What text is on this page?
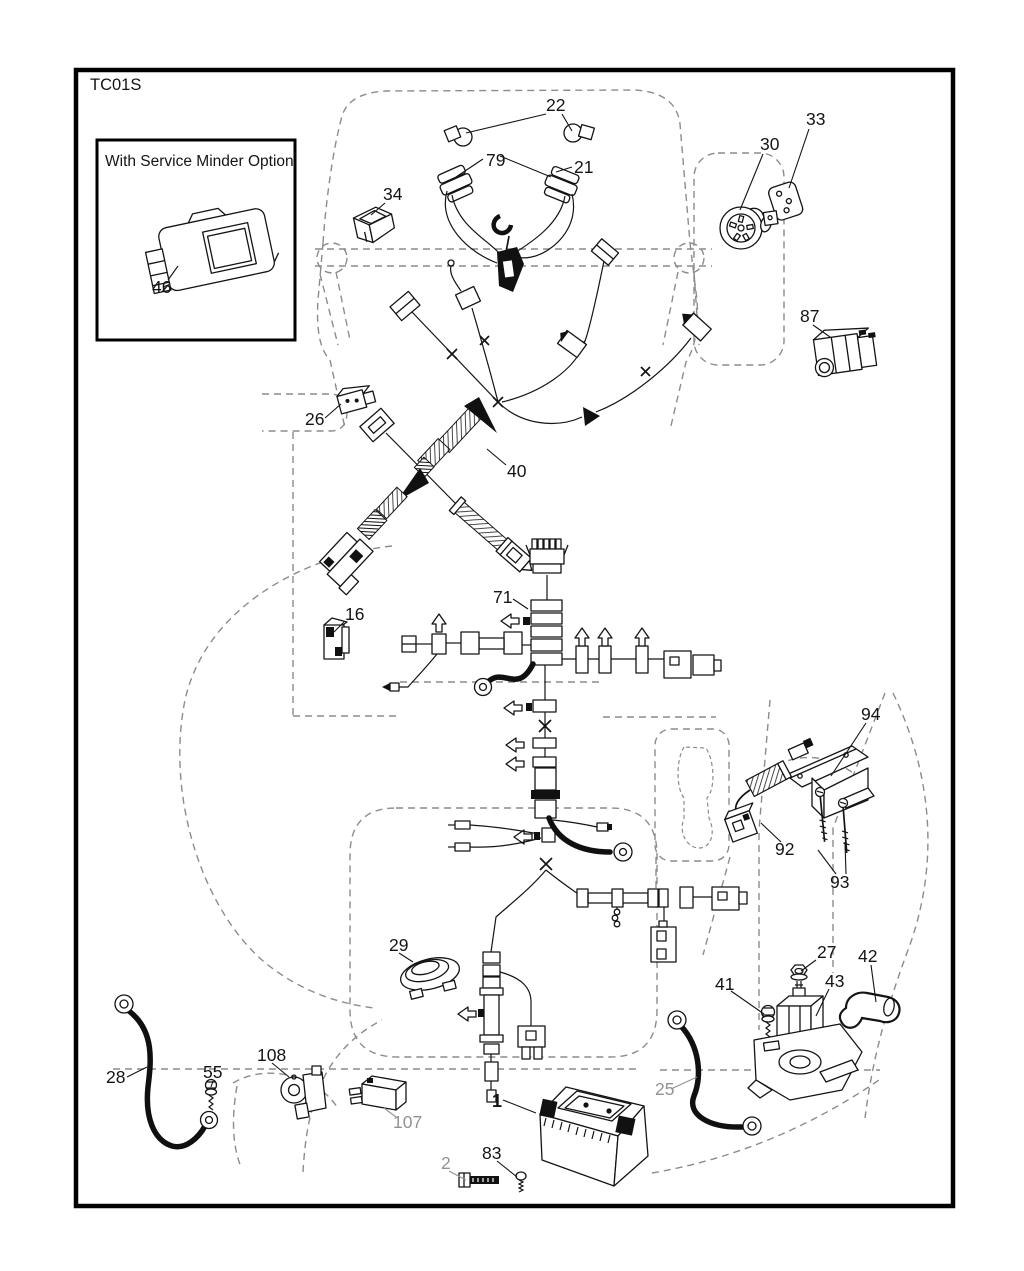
TC01S
With Service Minder Option
22
79	21
34
30
33
87
46
26
40
16
71
94
92
93
29	27 42
43
41
25
28	55
108
107
1
2 83
